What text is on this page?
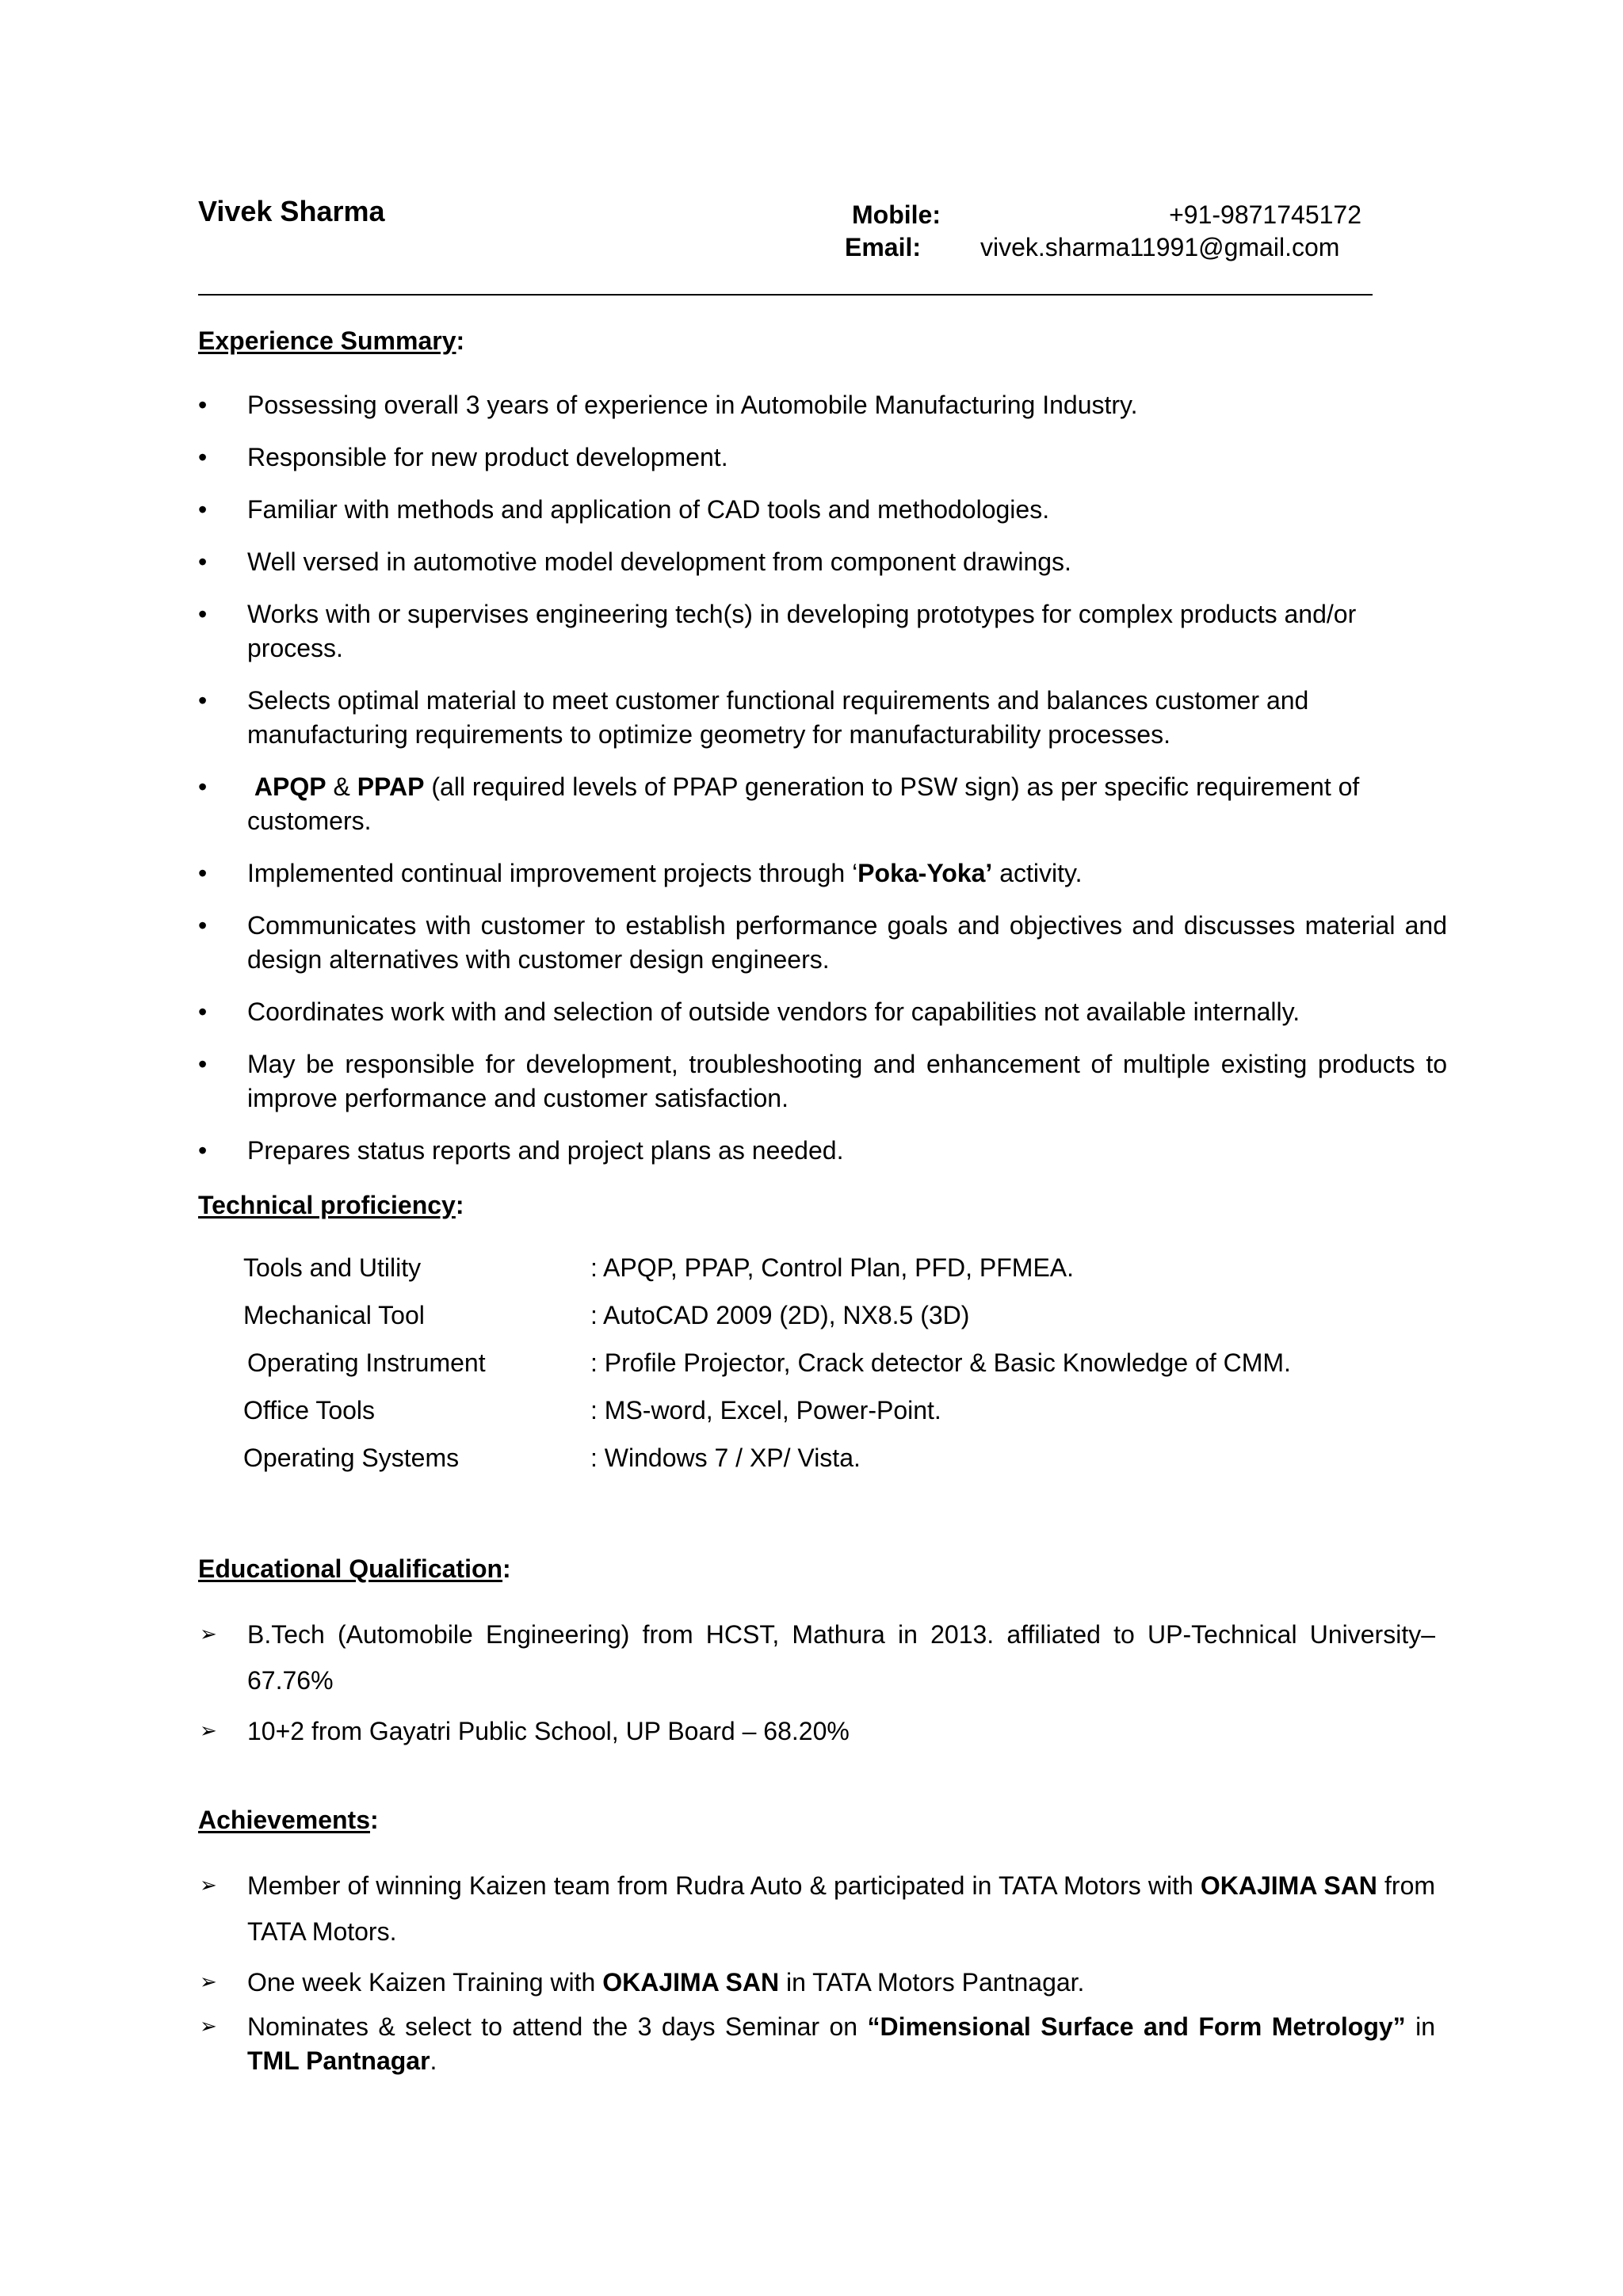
Vivek Sharma	Mobile:	+91-9871745172
Email: vivek.sharma11991@gmail.com
Experience Summary:
• Possessing overall 3 years of experience in Automobile Manufacturing Industry.
• Responsible for new product development.
• Familiar with methods and application of CAD tools and methodologies.
• Well versed in automotive model development from component drawings.
• Works with or supervises engineering tech(s) in developing prototypes for complex products and/or process.
• Selects optimal material to meet customer functional requirements and balances customer and manufacturing requirements to optimize geometry for manufacturability processes.
• APQP & PPAP (all required levels of PPAP generation to PSW sign) as per specific requirement of customers.
• Implemented continual improvement projects through ‘Poka-Yoka’ activity.
• Communicates with customer to establish performance goals and objectives and discusses material and design alternatives with customer design engineers.
• Coordinates work with and selection of outside vendors for capabilities not available internally.
• May be responsible for development, troubleshooting and enhancement of multiple existing products to improve performance and customer satisfaction.
• Prepares status reports and project plans as needed.
Technical proficiency:
Tools and Utility	: APQP, PPAP, Control Plan, PFD, PFMEA.
Mechanical Tool	: AutoCAD 2009 (2D), NX8.5 (3D)
Operating Instrument	: Profile Projector, Crack detector & Basic Knowledge of CMM.
Office Tools	: MS-word, Excel, Power-Point.
Operating Systems	: Windows 7 / XP/ Vista.
Educational Qualification:
➢ B.Tech (Automobile Engineering) from HCST, Mathura in 2013. affiliated to UP-Technical University– 67.76%
➢ 10+2 from Gayatri Public School, UP Board – 68.20%
Achievements:
➢ Member of winning Kaizen team from Rudra Auto & participated in TATA Motors with OKAJIMA SAN from TATA Motors.
➢ One week Kaizen Training with OKAJIMA SAN in TATA Motors Pantnagar.
➢ Nominates & select to attend the 3 days Seminar on “Dimensional Surface and Form Metrology” in TML Pantnagar.
